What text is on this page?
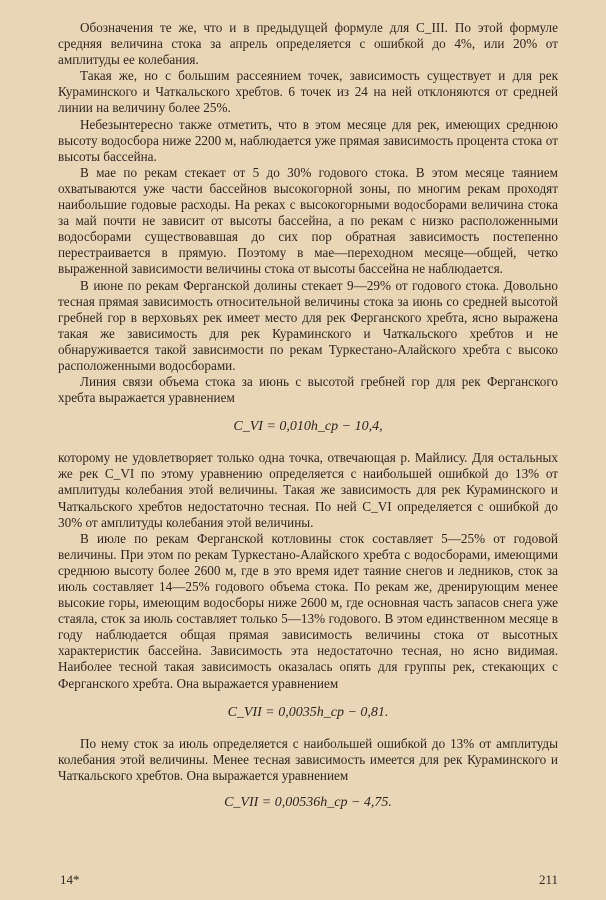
Обозначения те же, что и в предыдущей формуле для C_III. По этой формуле средняя величина стока за апрель определяется с ошибкой до 4%, или 20% от амплитуды ее колебания.

Такая же, но с большим рассеянием точек, зависимость существует и для рек Кураминского и Чаткальского хребтов. 6 точек из 24 на ней отклоняются от средней линии на величину более 25%.

Небезынтересно также отметить, что в этом месяце для рек, имеющих среднюю высоту водосбора ниже 2200 м, наблюдается уже прямая зависимость процента стока от высоты бассейна.

В мае по рекам стекает от 5 до 30% годового стока. В этом месяце таянием охватываются уже части бассейнов высокогорной зоны, по многим рекам проходят наибольшие годовые расходы. На реках с высокогорными водосборами величина стока за май почти не зависит от высоты бассейна, а по рекам с низко расположенными водосборами существовавшая до сих пор обратная зависимость постепенно перестраивается в прямую. Поэтому в мае—переходном месяце—общей, четко выраженной зависимости величины стока от высоты бассейна не наблюдается.

В июне по рекам Ферганской долины стекает 9—29% от годового стока. Довольно тесная прямая зависимость относительной величины стока за июнь со средней высотой гребней гор в верховьях рек имеет место для рек Ферганского хребта, ясно выражена такая же зависимость для рек Кураминского и Чаткальского хребтов и не обнаруживается такой зависимости по рекам Туркестано-Алайского хребта с высоко расположенными водосборами.

Линия связи объема стока за июнь с высотой гребней гор для рек Ферганского хребта выражается уравнением

C_VI = 0,010h_ср − 10,4,

которому не удовлетворяет только одна точка, отвечающая р. Майлису. Для остальных же рек C_VI по этому уравнению определяется с наибольшей ошибкой до 13% от амплитуды колебания этой величины. Такая же зависимость для рек Кураминского и Чаткальского хребтов недостаточно тесная. По ней C_VI определяется с ошибкой до 30% от амплитуды колебания этой величины.

В июле по рекам Ферганской котловины сток составляет 5—25% от годовой величины. При этом по рекам Туркестано-Алайского хребта с водосборами, имеющими среднюю высоту более 2600 м, где в это время идет таяние снегов и ледников, сток за июль составляет 14—25% годового объема стока. По рекам же, дренирующим менее высокие горы, имеющим водосборы ниже 2600 м, где основная часть запасов снега уже стаяла, сток за июль составляет только 5—13% годового. В этом единственном месяце в году наблюдается общая прямая зависимость величины стока от высотных характеристик бассейна. Зависимость эта недостаточно тесная, но ясно видимая. Наиболее тесной такая зависимость оказалась опять для группы рек, стекающих с Ферганского хребта. Она выражается уравнением

C_VII = 0,0035h_ср − 0,81.

По нему сток за июль определяется с наибольшей ошибкой до 13% от амплитуды колебания этой величины. Менее тесная зависимость имеется для рек Кураминского и Чаткальского хребтов. Она выражается уравнением

C_VII = 0,00536h_ср − 4,75.
14*	211
